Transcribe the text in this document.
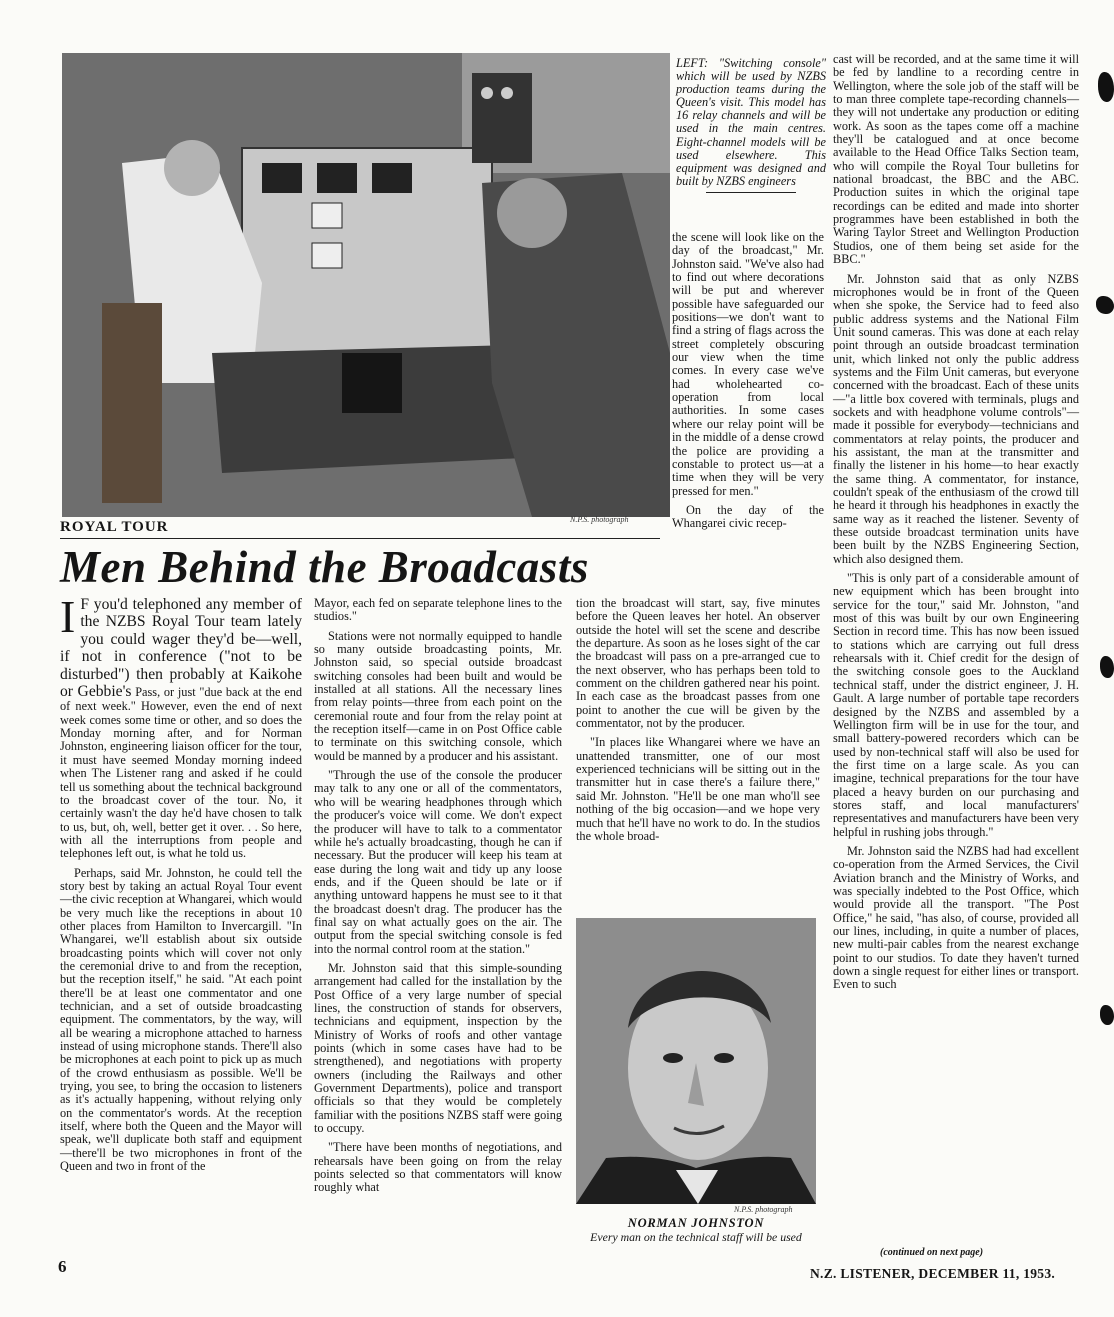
N.P.S. photograph
LEFT: "Switching console" which will be used by NZBS production teams during the Queen's visit. This model has 16 relay channels and will be used in the main centres. Eight-channel models will be used elsewhere. This equipment was designed and built by NZBS engineers
ROYAL TOUR
Men Behind the Broadcasts

I F you'd telephoned any member of the NZBS Royal Tour team lately you could wager they'd be—well, if not in conference ("not to be disturbed") then probably at Kaikohe or Gebbie's Pass, or just "due back at the end of next week." However, even the end of next week comes some time or other, and so does the Monday morning after, and for Norman Johnston, engineering liaison officer for the tour, it must have seemed Monday morning indeed when The Listener rang and asked if he could tell us something about the technical background to the broadcast cover of the tour. No, it certainly wasn't the day he'd have chosen to talk to us, but, oh, well, better get it over. . . So here, with all the interruptions from people and telephones left out, is what he told us.

Perhaps, said Mr. Johnston, he could tell the story best by taking an actual Royal Tour event—the civic reception at Whangarei, which would be very much like the receptions in about 10 other places from Hamilton to Invercargill. "In Whangarei, we'll establish about six outside broadcasting points which will cover not only the ceremonial drive to and from the reception, but the reception itself," he said. "At each point there'll be at least one commentator and one technician, and a set of outside broadcasting equipment. The commentators, by the way, will all be wearing a microphone attached to harness instead of using microphone stands. There'll also be microphones at each point to pick up as much of the crowd enthusiasm as possible. We'll be trying, you see, to bring the occasion to listeners as it's actually happening, without relying only on the commentator's words. At the reception itself, where both the Queen and the Mayor will speak, we'll duplicate both staff and equipment—there'll be two microphones in front of the Queen and two in front of the

Mayor, each fed on separate telephone lines to the studios."

Stations were not normally equipped to handle so many outside broadcasting points, Mr. Johnston said, so special outside broadcast switching consoles had been built and would be installed at all stations. All the necessary lines from relay points—three from each point on the ceremonial route and four from the relay point at the reception itself—came in on Post Office cable to terminate on this switching console, which would be manned by a producer and his assistant.

"Through the use of the console the producer may talk to any one or all of the commentators, who will be wearing headphones through which the producer's voice will come. We don't expect the producer will have to talk to a commentator while he's actually broadcasting, though he can if necessary. But the producer will keep his team at ease during the long wait and tidy up any loose ends, and if the Queen should be late or if anything untoward happens he must see to it that the broadcast doesn't drag. The producer has the final say on what actually goes on the air. The output from the special switching console is fed into the normal control room at the station."

Mr. Johnston said that this simple-sounding arrangement had called for the installation by the Post Office of a very large number of special lines, the construction of stands for observers, technicians and equipment, inspection by the Ministry of Works of roofs and other vantage points (which in some cases have had to be strengthened), and negotiations with property owners (including the Railways and other Government Departments), police and transport officials so that they would be completely familiar with the positions NZBS staff were going to occupy.

"There have been months of negotiations, and rehearsals have been going on from the relay points selected so that commentators will know roughly what

the scene will look like on the day of the broadcast," Mr. Johnston said. "We've also had to find out where decorations will be put and wherever possible have safeguarded our positions—we don't want to find a string of flags across the street completely obscuring our view when the time comes. In every case we've had wholehearted co-operation from local authorities. In some cases where our relay point will be in the middle of a dense crowd the police are providing a constable to protect us—at a time when they will be very pressed for men."

On the day of the Whangarei civic recep-

tion the broadcast will start, say, five minutes before the Queen leaves her hotel. An observer outside the hotel will set the scene and describe the departure. As soon as he loses sight of the car the broadcast will pass on a pre-arranged cue to the next observer, who has perhaps been told to comment on the children gathered near his point. In each case as the broadcast passes from one point to another the cue will be given by the commentator, not by the producer.

"In places like Whangarei where we have an unattended transmitter, one of our most experienced technicians will be sitting out in the transmitter hut in case there's a failure there," said Mr. Johnston. "He'll be one man who'll see nothing of the big occasion—and we hope very much that he'll have no work to do. In the studios the whole broad-

N.P.S. photograph
NORMAN JOHNSTON
Every man on the technical staff will be used

cast will be recorded, and at the same time it will be fed by landline to a recording centre in Wellington, where the sole job of the staff will be to man three complete tape-recording channels—they will not undertake any production or editing work. As soon as the tapes come off a machine they'll be catalogued and at once become available to the Head Office Talks Section team, who will compile the Royal Tour bulletins for national broadcast, the BBC and the ABC. Production suites in which the original tape recordings can be edited and made into shorter programmes have been established in both the Waring Taylor Street and Wellington Production Studios, one of them being set aside for the BBC."

Mr. Johnston said that as only NZBS microphones would be in front of the Queen when she spoke, the Service had to feed also public address systems and the National Film Unit sound cameras. This was done at each relay point through an outside broadcast termination unit, which linked not only the public address systems and the Film Unit cameras, but everyone concerned with the broadcast. Each of these units—"a little box covered with terminals, plugs and sockets and with headphone volume controls"—made it possible for everybody—technicians and commentators at relay points, the producer and his assistant, the man at the transmitter and finally the listener in his home—to hear exactly the same thing. A commentator, for instance, couldn't speak of the enthusiasm of the crowd till he heard it through his headphones in exactly the same way as it reached the listener. Seventy of these outside broadcast termination units have been built by the NZBS Engineering Section, which also designed them.

"This is only part of a considerable amount of new equipment which has been brought into service for the tour," said Mr. Johnston, "and most of this was built by our own Engineering Section in record time. This has now been issued to stations which are carrying out full dress rehearsals with it. Chief credit for the design of the switching console goes to the Auckland technical staff, under the district engineer, J. H. Gault. A large number of portable tape recorders designed by the NZBS and assembled by a Wellington firm will be in use for the tour, and small battery-powered recorders which can be used by non-technical staff will also be used for the first time on a large scale. As you can imagine, technical preparations for the tour have placed a heavy burden on our purchasing and stores staff, and local manufacturers' representatives and manufacturers have been very helpful in rushing jobs through."

Mr. Johnston said the NZBS had had excellent co-operation from the Armed Services, the Civil Aviation branch and the Ministry of Works, and was specially indebted to the Post Office, which would provide all the transport. "The Post Office," he said, "has also, of course, provided all our lines, including, in quite a number of places, new multi-pair cables from the nearest exchange point to our studios. To date they haven't turned down a single request for either lines or transport. Even to such

(continued on next page)
6	N.Z. LISTENER, DECEMBER 11, 1953.
